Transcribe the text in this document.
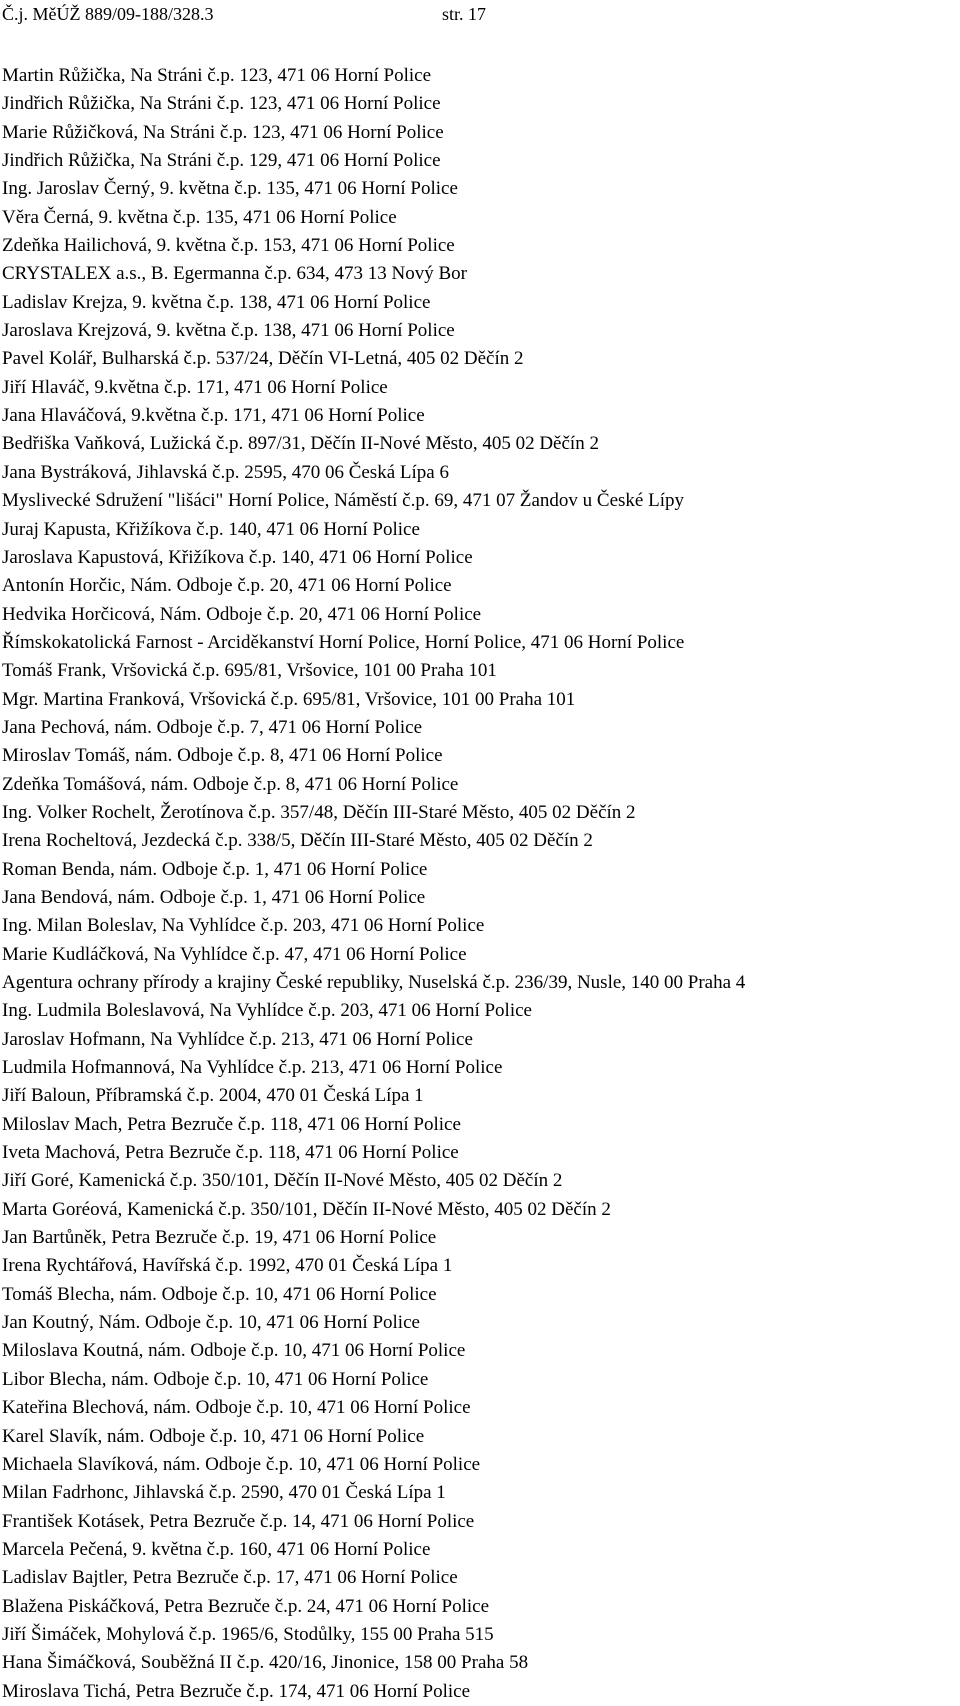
Č.j. MěÚŽ 889/09-188/328.3	str. 17
Martin Růžička, Na Stráni č.p. 123, 471 06 Horní Police
Jindřich Růžička, Na Stráni č.p. 123, 471 06 Horní Police
Marie Růžičková, Na Stráni č.p. 123, 471 06 Horní Police
Jindřich Růžička, Na Stráni č.p. 129, 471 06 Horní Police
Ing. Jaroslav Černý, 9. května č.p. 135, 471 06 Horní Police
Věra Černá, 9. května č.p. 135, 471 06 Horní Police
Zdeňka Hailichová, 9. května č.p. 153, 471 06 Horní Police
CRYSTALEX a.s., B. Egermanna č.p. 634, 473 13 Nový Bor
Ladislav Krejza, 9. května č.p. 138, 471 06 Horní Police
Jaroslava Krejzová, 9. května č.p. 138, 471 06 Horní Police
Pavel Kolář, Bulharská č.p. 537/24, Děčín VI-Letná, 405 02 Děčín 2
Jiří Hlaváč, 9.května č.p. 171, 471 06 Horní Police
Jana Hlaváčová, 9.května č.p. 171, 471 06 Horní Police
Bedřiška Vaňková, Lužická č.p. 897/31, Děčín II-Nové Město, 405 02 Děčín 2
Jana Bystráková, Jihlavská č.p. 2595, 470 06 Česká Lípa 6
Myslivecké Sdružení "lišáci" Horní Police, Náměstí č.p. 69, 471 07 Žandov u České Lípy
Juraj Kapusta, Křižíkova č.p. 140, 471 06 Horní Police
Jaroslava Kapustová, Křižíkova č.p. 140, 471 06 Horní Police
Antonín Horčic, Nám. Odboje č.p. 20, 471 06 Horní Police
Hedvika Horčicová, Nám. Odboje č.p. 20, 471 06 Horní Police
Římskokatolická Farnost - Arciděkanství Horní Police, Horní Police, 471 06 Horní Police
Tomáš Frank, Vršovická č.p. 695/81, Vršovice, 101 00 Praha 101
Mgr. Martina Franková, Vršovická č.p. 695/81, Vršovice, 101 00 Praha 101
Jana Pechová, nám. Odboje č.p. 7, 471 06 Horní Police
Miroslav Tomáš, nám. Odboje č.p. 8, 471 06 Horní Police
Zdeňka Tomášová, nám. Odboje č.p. 8, 471 06 Horní Police
Ing. Volker Rochelt, Žerotínova č.p. 357/48, Děčín III-Staré Město, 405 02 Děčín 2
Irena Rocheltová, Jezdecká č.p. 338/5, Děčín III-Staré Město, 405 02 Děčín 2
Roman Benda, nám. Odboje č.p. 1, 471 06 Horní Police
Jana Bendová, nám. Odboje č.p. 1, 471 06 Horní Police
Ing. Milan Boleslav, Na Vyhlídce č.p. 203, 471 06 Horní Police
Marie Kudláčková, Na Vyhlídce č.p. 47, 471 06 Horní Police
Agentura ochrany přírody a krajiny České republiky, Nuselská č.p. 236/39, Nusle, 140 00 Praha 4
Ing. Ludmila Boleslavová, Na Vyhlídce č.p. 203, 471 06 Horní Police
Jaroslav Hofmann, Na Vyhlídce č.p. 213, 471 06 Horní Police
Ludmila Hofmannová, Na Vyhlídce č.p. 213, 471 06 Horní Police
Jiří Baloun, Příbramská č.p. 2004, 470 01 Česká Lípa 1
Miloslav Mach, Petra Bezruče č.p. 118, 471 06 Horní Police
Iveta Machová, Petra Bezruče č.p. 118, 471 06 Horní Police
Jiří Goré, Kamenická č.p. 350/101, Děčín II-Nové Město, 405 02 Děčín 2
Marta Goréová, Kamenická č.p. 350/101, Děčín II-Nové Město, 405 02 Děčín 2
Jan Bartůněk, Petra Bezruče č.p. 19, 471 06 Horní Police
Irena Rychtářová, Havířská č.p. 1992, 470 01 Česká Lípa 1
Tomáš Blecha, nám. Odboje č.p. 10, 471 06 Horní Police
Jan Koutný, Nám. Odboje č.p. 10, 471 06 Horní Police
Miloslava Koutná, nám. Odboje č.p. 10, 471 06 Horní Police
Libor Blecha, nám. Odboje č.p. 10, 471 06 Horní Police
Kateřina Blechová, nám. Odboje č.p. 10, 471 06 Horní Police
Karel Slavík, nám. Odboje č.p. 10, 471 06 Horní Police
Michaela Slavíková, nám. Odboje č.p. 10, 471 06 Horní Police
Milan Fadrhonc, Jihlavská č.p. 2590, 470 01 Česká Lípa 1
František Kotásek, Petra Bezruče č.p. 14, 471 06 Horní Police
Marcela Pečená, 9. května č.p. 160, 471 06 Horní Police
Ladislav Bajtler, Petra Bezruče č.p. 17, 471 06 Horní Police
Blažena Piskáčková, Petra Bezruče č.p. 24, 471 06 Horní Police
Jiří Šimáček, Mohylová č.p. 1965/6, Stodůlky, 155 00 Praha 515
Hana Šimáčková, Souběžná II č.p. 420/16, Jinonice, 158 00 Praha 58
Miroslava Tichá, Petra Bezruče č.p. 174, 471 06 Horní Police
